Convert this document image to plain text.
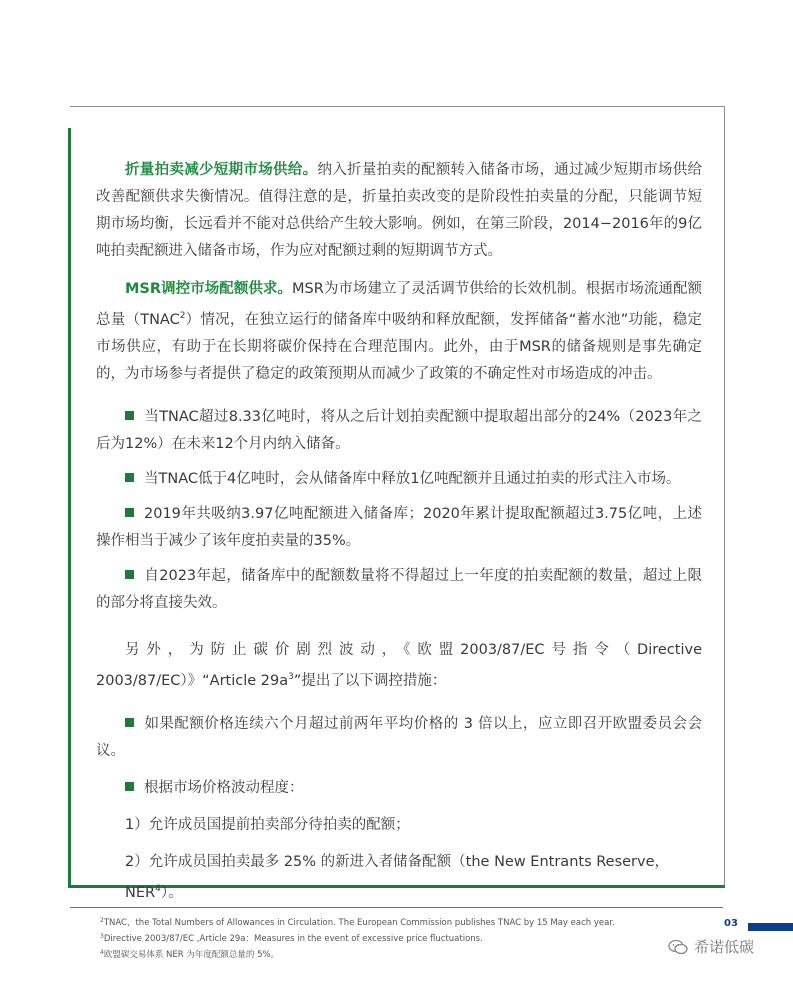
折量拍卖减少短期市场供给。纳入折量拍卖的配额转入储备市场，通过减少短期市场供给改善配额供求失衡情况。值得注意的是，折量拍卖改变的是阶段性拍卖量的分配，只能调节短期市场均衡，长远看并不能对总供给产生较大影响。例如，在第三阶段，2014−2016年的9亿吨拍卖配额进入储备市场，作为应对配额过剩的短期调节方式。

MSR调控市场配额供求。MSR为市场建立了灵活调节供给的长效机制。根据市场流通配额总量（TNAC$^2$）情况，在独立运行的储备库中吸纳和释放配额，发挥储备“蓄水池”功能，稳定市场供应，有助于在长期将碳价保持在合理范围内。此外，由于MSR的储备规则是事先确定的，为市场参与者提供了稳定的政策预期从而减少了政策的不确定性对市场造成的冲击。

当TNAC超过8.33亿吨时，将从之后计划拍卖配额中提取超出部分的24%（2023年之后为12%）在未来12个月内纳入储备。

当TNAC低于4亿吨时，会从储备库中释放1亿吨配额并且通过拍卖的形式注入市场。

2019年共吸纳3.97亿吨配额进入储备库；2020年累计提取配额超过3.75亿吨，上述操作相当于减少了该年度拍卖量的35%。

自2023年起，储备库中的配额数量将不得超过上一年度的拍卖配额的数量，超过上限的部分将直接失效。

另外，为防止碳价剧烈波动，《欧盟2003/87/EC号指令（Directive 2003/87/EC）》“Article $29a^3$”提出了以下调控措施：

如果配额价格连续六个月超过前两年平均价格的 3 倍以上，应立即召开欧盟委员会会议。

根据市场价格波动程度：

1）允许成员国提前拍卖部分待拍卖的配额；

2）允许成员国拍卖最多 25% 的新进入者储备配额（the New Entrants Reserve，NER$^4$）。

03
$^2$TNAC，the Total Numbers of Allowances in Circulation. The European Commission publishes TNAC by 15 May each year.
$^3$Directive 2003/87/EC ,Article 29a：Measures in the event of excessive price fluctuations.
$^4$欧盟碳交易体系 NER 为年度配额总量的 5%。	希诺低碳
